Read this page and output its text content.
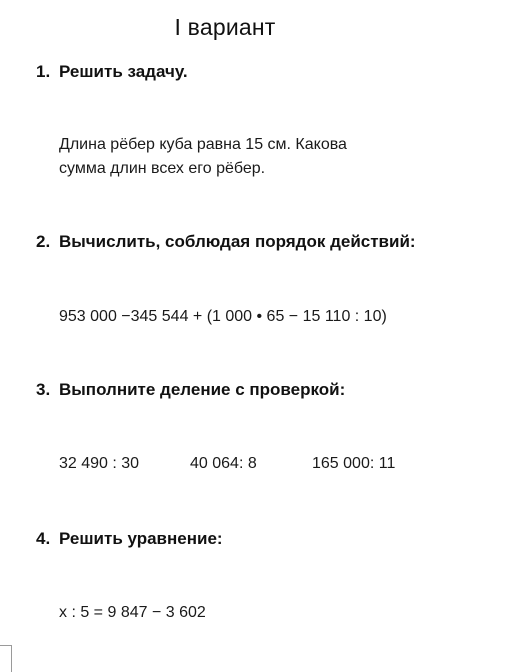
I вариант
1. Решить задачу.
Длина рёбер куба равна 15 см. Какова
сумма длин всех его рёбер.
2. Вычислить, соблюдая порядок действий:
953 000 −345 544 + (1 000 • 65 − 15 110 : 10)
3. Выполните деление с проверкой:
32 490 : 30	40 064: 8	165 000: 11
4. Решить уравнение:
x : 5 = 9 847 − 3 602
